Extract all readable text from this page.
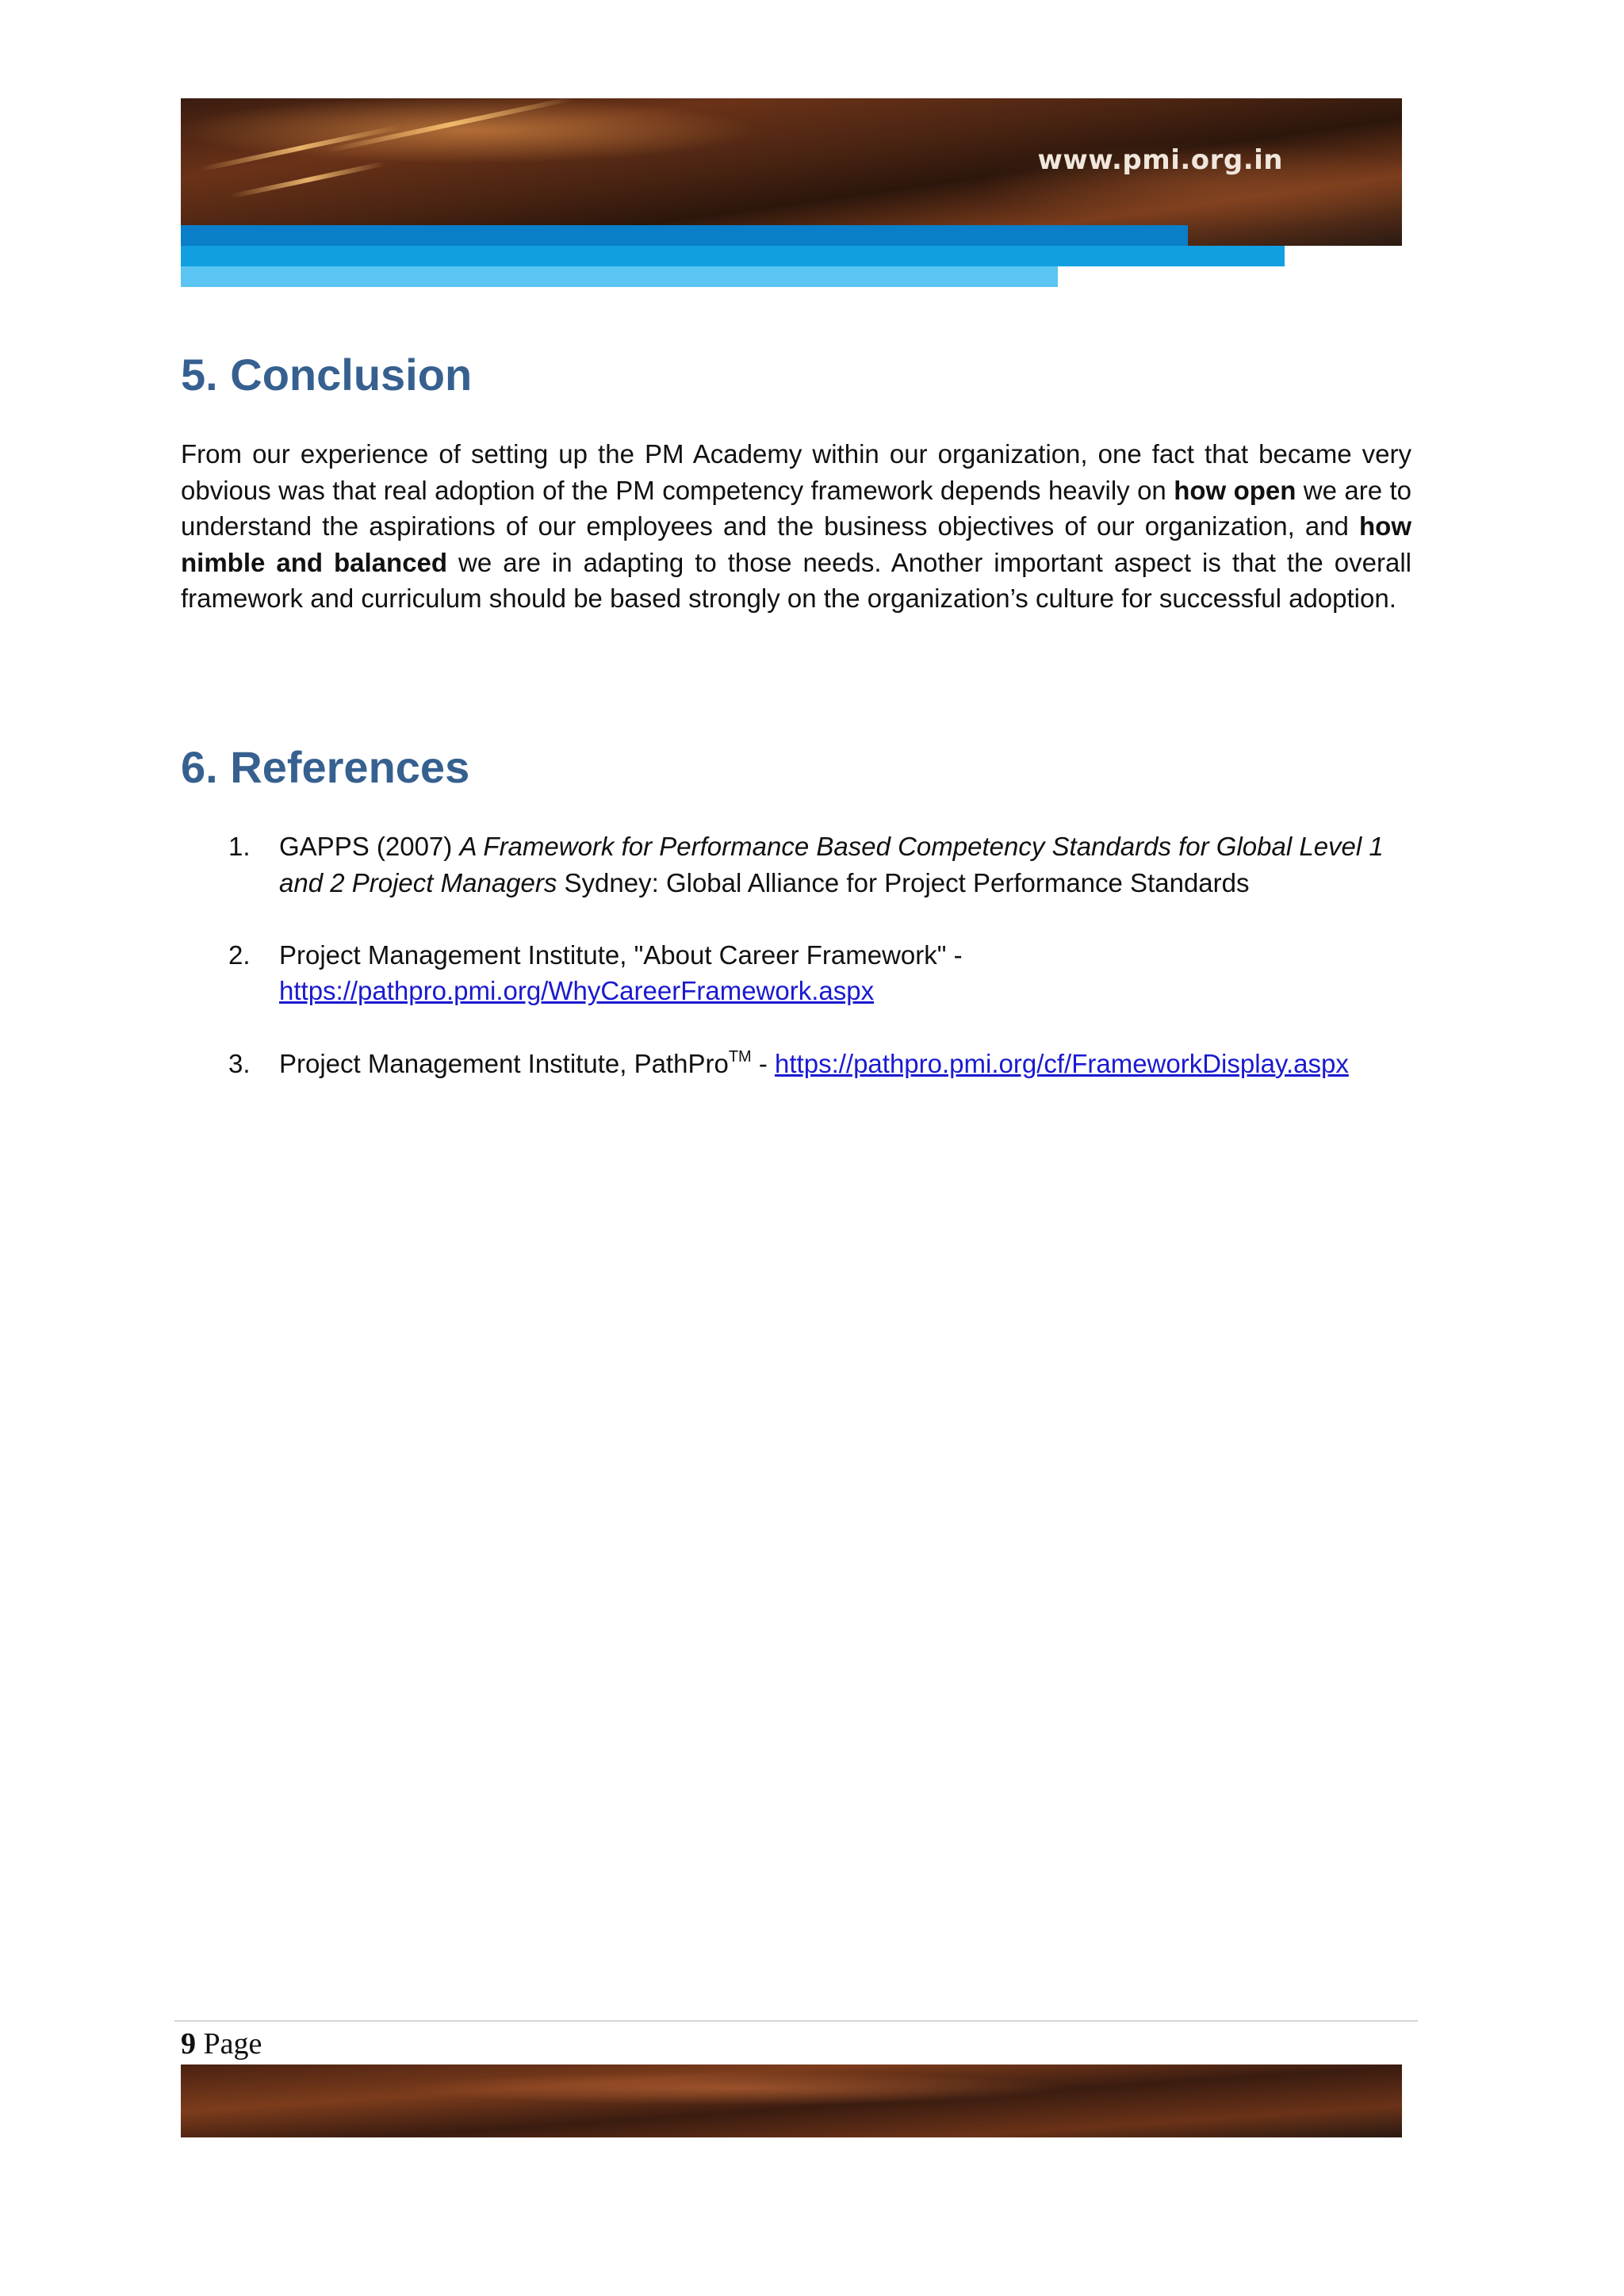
www.pmi.org.in
5. Conclusion

From our experience of setting up the PM Academy within our organization, one fact that became very obvious was that real adoption of the PM competency framework depends heavily on how open we are to understand the aspirations of our employees and the business objectives of our organization, and how nimble and balanced we are in adapting to those needs. Another important aspect is that the overall framework and curriculum should be based strongly on the organization’s culture for successful adoption.

6. References
1. GAPPS (2007) A Framework for Performance Based Competency Standards for Global Level 1 and 2 Project Managers Sydney: Global Alliance for Project Performance Standards
2. Project Management Institute, "About Career Framework" - https://pathpro.pmi.org/WhyCareerFramework.aspx
3. Project Management Institute, PathPro™ - https://pathpro.pmi.org/cf/FrameworkDisplay.aspx
9 Page
